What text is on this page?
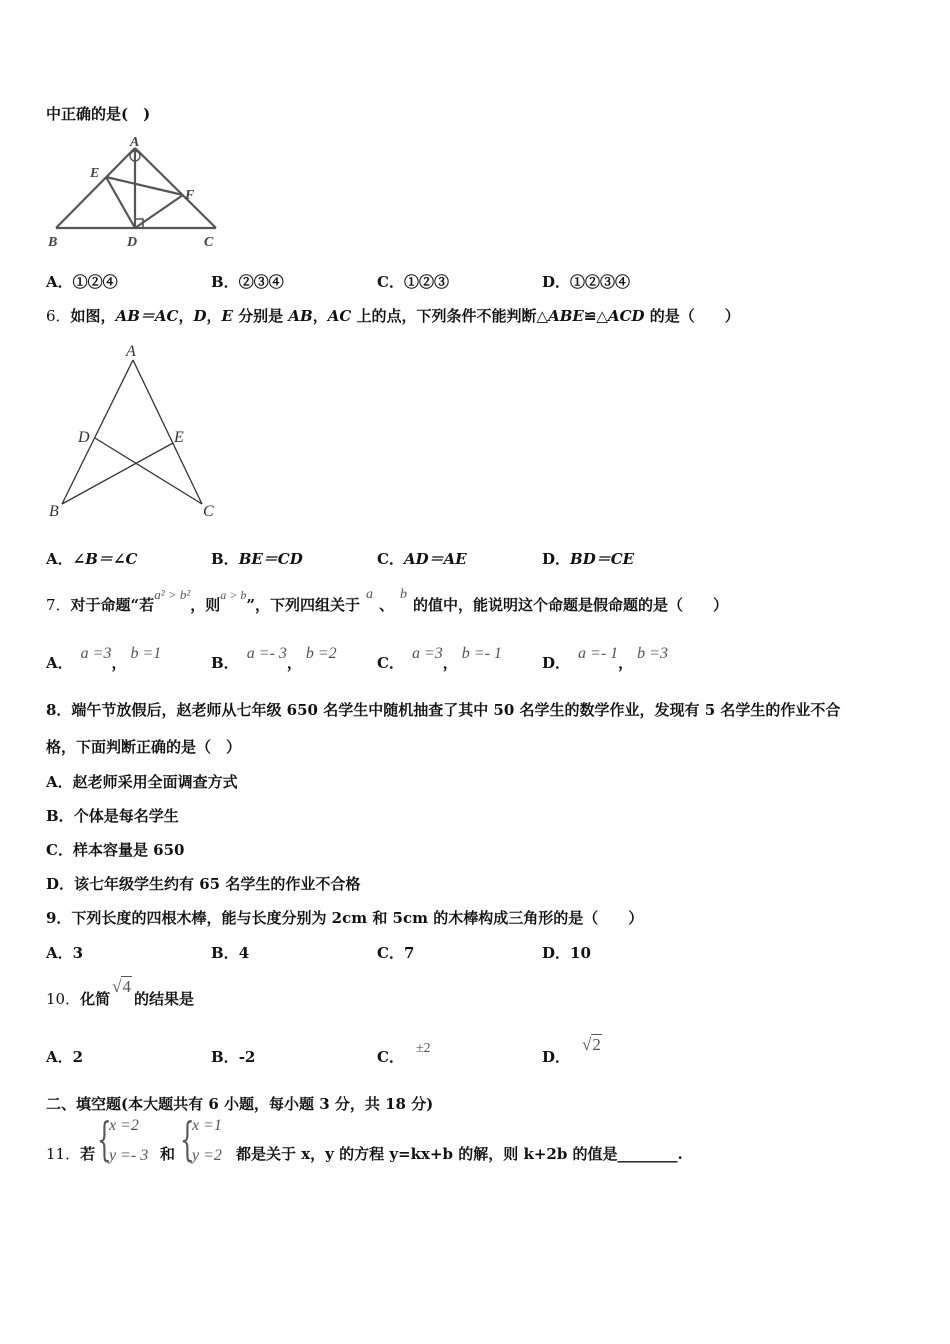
中正确的是(　)
A
E
F
B	D	C
A．①②④	B．②③④	C．①②③	D．①②③④
6．如图，AB＝AC，D，E 分别是 AB，AC 上的点，下列条件不能判断△ABE≌△ACD 的是（　　）
A
D	E
B	C
A．∠B＝∠C	B．BE＝CD	C．AD＝AE	D．BD＝CE
7．对于命题“若a² > b²，则$^{a > b}$”，下列四组关于a、b的值中，能说明这个命题是假命题的是（　　）
A．a =3，b =1
B．a =- 3，b =2
C．a =3，b =- 1
D．a =- 1，b =3
8．端午节放假后，赵老师从七年级 650 名学生中随机抽查了其中 50 名学生的数学作业，发现有 5 名学生的作业不合
格，下面判断正确的是（　）
A．赵老师采用全面调查方式
B．个体是每名学生
C．样本容量是 650
D．该七年级学生约有 65 名学生的作业不合格
9．下列长度的四根木棒，能与长度分别为 2cm 和 5cm 的木棒构成三角形的是（　　）
A．3	B．4	C．7	D．10
10．化简√4的结果是
A．2	B．-2	C． ±2	D．√2
二、填空题(本大题共有 6 小题，每小题 3 分，共 18 分)
11．若 {
x =2
y =- 3 和 {
x =1
y =2 都是关于 x，y 的方程 y=kx+b 的解，则 k+2b 的值是________.
